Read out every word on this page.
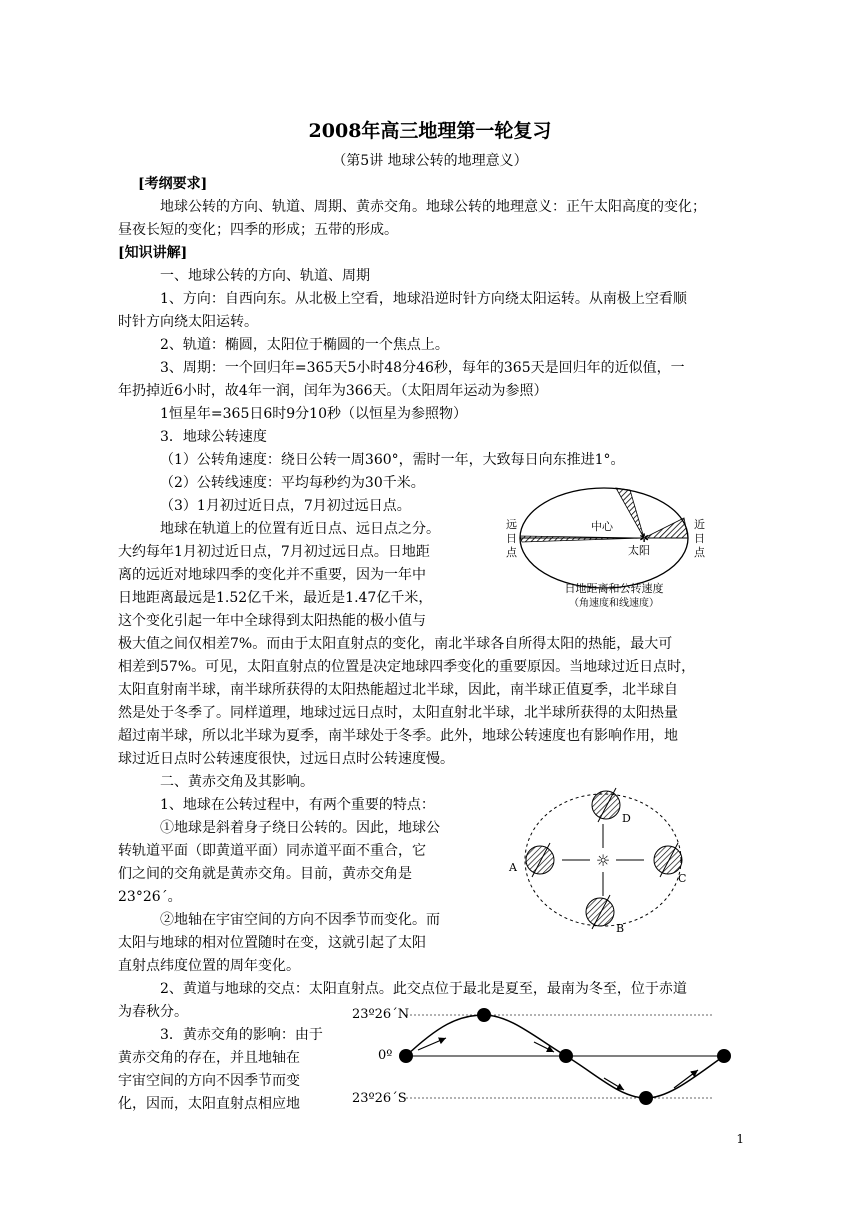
2008年高三地理第一轮复习
（第5讲 地球公转的地理意义）
[考纲要求]
地球公转的方向、轨道、周期、黄赤交角。地球公转的地理意义：正午太阳高度的变化；
昼夜长短的变化；四季的形成；五带的形成。
[知识讲解]
一、地球公转的方向、轨道、周期
1、方向：自西向东。从北极上空看，地球沿逆时针方向绕太阳运转。从南极上空看顺
时针方向绕太阳运转。
2、轨道：椭圆，太阳位于椭圆的一个焦点上。
3、周期：一个回归年=365天5小时48分46秒，每年的365天是回归年的近似值，一
年扔掉近6小时，故4年一润，闰年为366天。（太阳周年运动为参照）
1恒星年=365日6时9分10秒（以恒星为参照物）
3．地球公转速度
（1）公转角速度：绕日公转一周360°，需时一年，大致每日向东推进1°。
（2）公转线速度：平均每秒约为30千米。
（3）1月初过近日点，7月初过远日点。
地球在轨道上的位置有近日点、远日点之分。
大约每年1月初过近日点，7月初过远日点。日地距
离的远近对地球四季的变化并不重要，因为一年中
日地距离最远是1.52亿千米，最近是1.47亿千米，
这个变化引起一年中全球得到太阳热能的极小值与
极大值之间仅相差7%。而由于太阳直射点的变化，南北半球各自所得太阳的热能，最大可
相差到57%。可见，太阳直射点的位置是决定地球四季变化的重要原因。当地球过近日点时，
太阳直射南半球，南半球所获得的太阳热能超过北半球，因此，南半球正值夏季，北半球自
然是处于冬季了。同样道理，地球过远日点时，太阳直射北半球，北半球所获得的太阳热量
超过南半球，所以北半球为夏季，南半球处于冬季。此外，地球公转速度也有影响作用，地
球过近日点时公转速度很快，过远日点时公转速度慢。
二、黄赤交角及其影响。
1、地球在公转过程中，有两个重要的特点：
①地球是斜着身子绕日公转的。因此，地球公
转轨道平面（即黄道平面）同赤道平面不重合，它
们之间的交角就是黄赤交角。目前，黄赤交角是
23°26´。
②地轴在宇宙空间的方向不因季节而变化。而
太阳与地球的相对位置随时在变，这就引起了太阳
直射点纬度位置的周年变化。
2、黄道与地球的交点：太阳直射点。此交点位于最北是夏至，最南为冬至，位于赤道
为春秋分。
3．黄赤交角的影响：由于
黄赤交角的存在，并且地轴在
宇宙空间的方向不因季节而变
化，因而，太阳直射点相应地
✲
中心
太阳
远
日
点
近
日
点
日地距离和公转速度
（角速度和线速度）
☼
A
B
C
D
23º26´N
0º
23º26´S
1
